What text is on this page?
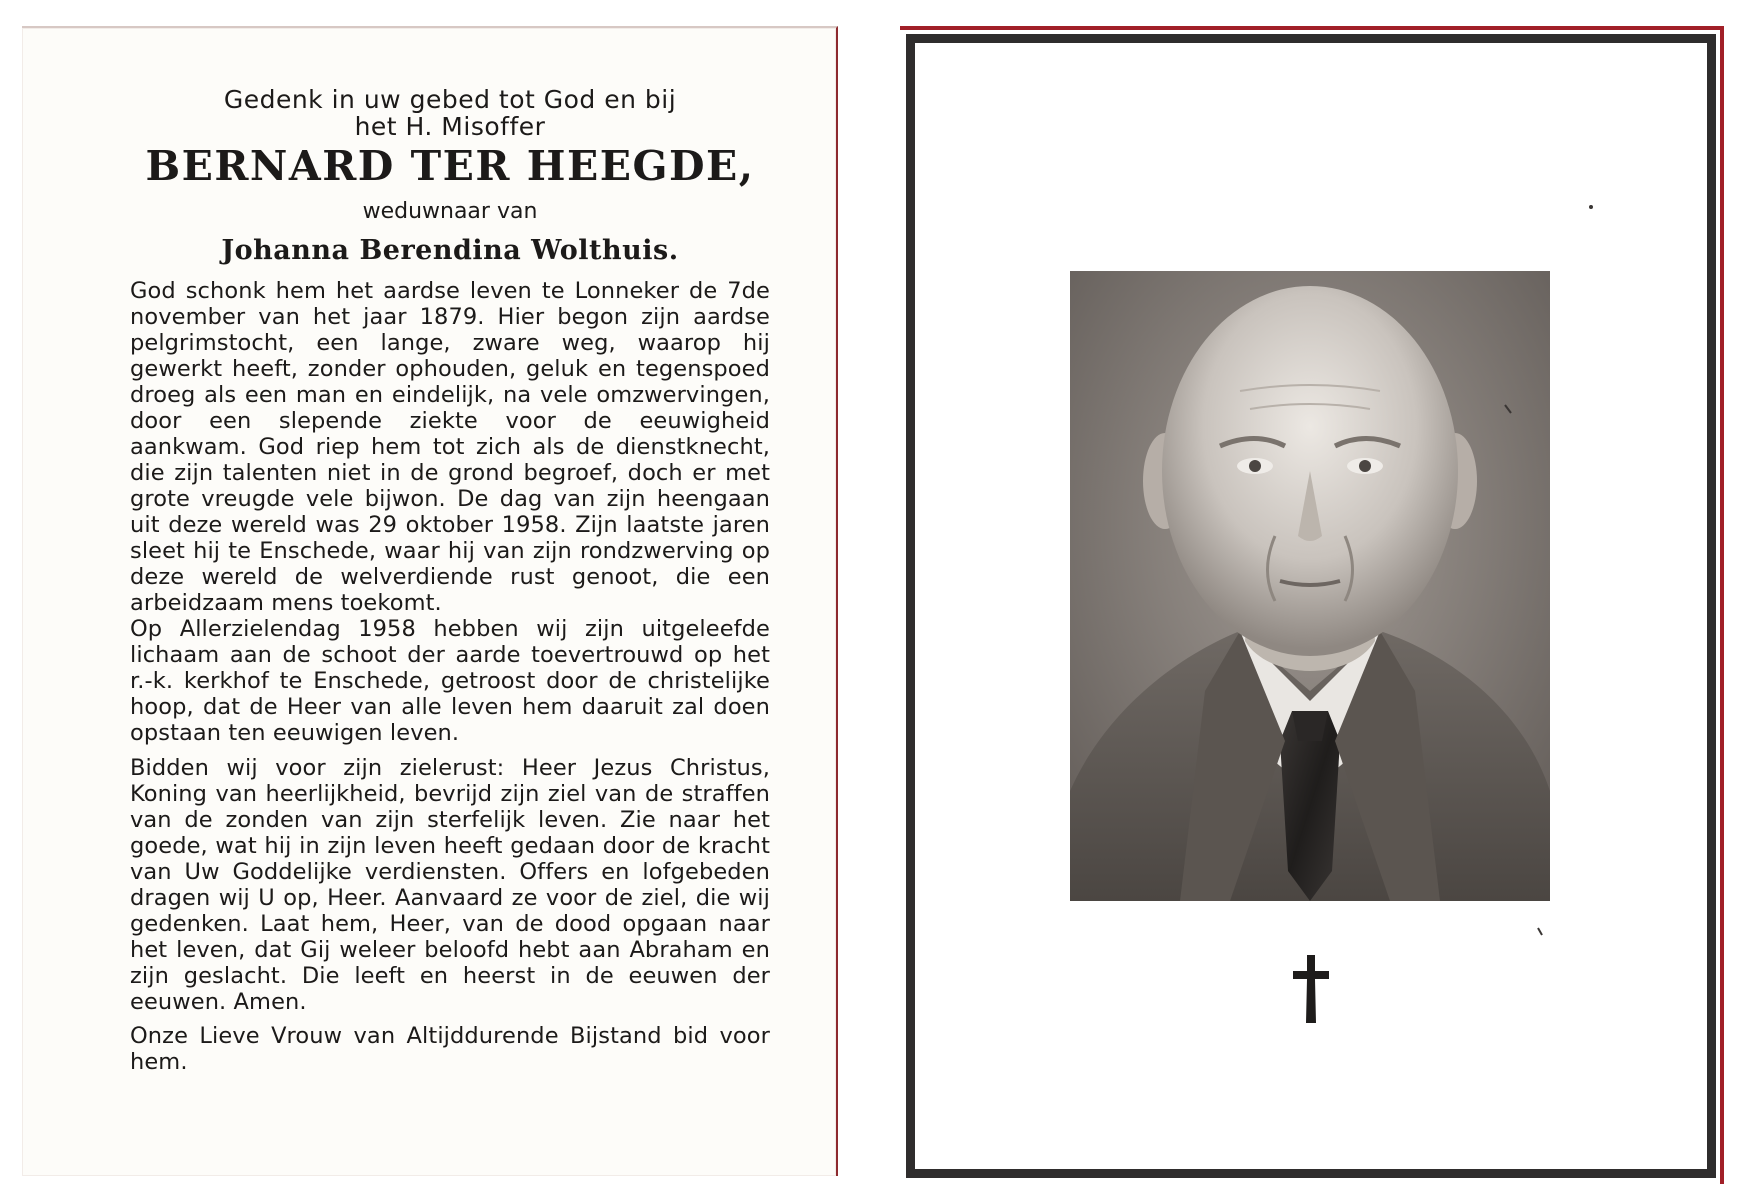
Gedenk in uw gebed tot God en bij

het H. Misoffer

BERNARD TER HEEGDE,
weduwnaar van
Johanna Berendina Wolthuis.

God schonk hem het aardse leven te Lonneker de 7de november van het jaar 1879. Hier begon zijn aardse pelgrimstocht, een lange, zware weg, waarop hij gewerkt heeft, zonder ophouden, geluk en tegenspoed droeg als een man en eindelijk, na vele omzwervingen, door een slepende ziekte voor de eeuwigheid aankwam. God riep hem tot zich als de dienstknecht, die zijn talenten niet in de grond begroef, doch er met grote vreugde vele bijwon. De dag van zijn heengaan uit deze wereld was 29 oktober 1958. Zijn laatste jaren sleet hij te Enschede, waar hij van zijn rondzwerving op deze wereld de welverdiende rust genoot, die een arbeidzaam mens toekomt.

Op Allerzielendag 1958 hebben wij zijn uitgeleefde lichaam aan de schoot der aarde toevertrouwd op het r.-k. kerkhof te Enschede, getroost door de christelijke hoop, dat de Heer van alle leven hem daaruit zal doen opstaan ten eeuwigen leven.

Bidden wij voor zijn zielerust: Heer Jezus Christus, Koning van heerlijkheid, bevrijd zijn ziel van de straffen van de zonden van zijn sterfelijk leven. Zie naar het goede, wat hij in zijn leven heeft gedaan door de kracht van Uw Goddelijke verdiensten. Offers en lofgebeden dragen wij U op, Heer. Aanvaard ze voor de ziel, die wij gedenken. Laat hem, Heer, van de dood opgaan naar het leven, dat Gij weleer beloofd hebt aan Abraham en zijn geslacht. Die leeft en heerst in de eeuwen der eeuwen. Amen.

Onze Lieve Vrouw van Altijddurende Bijstand bid voor hem.
